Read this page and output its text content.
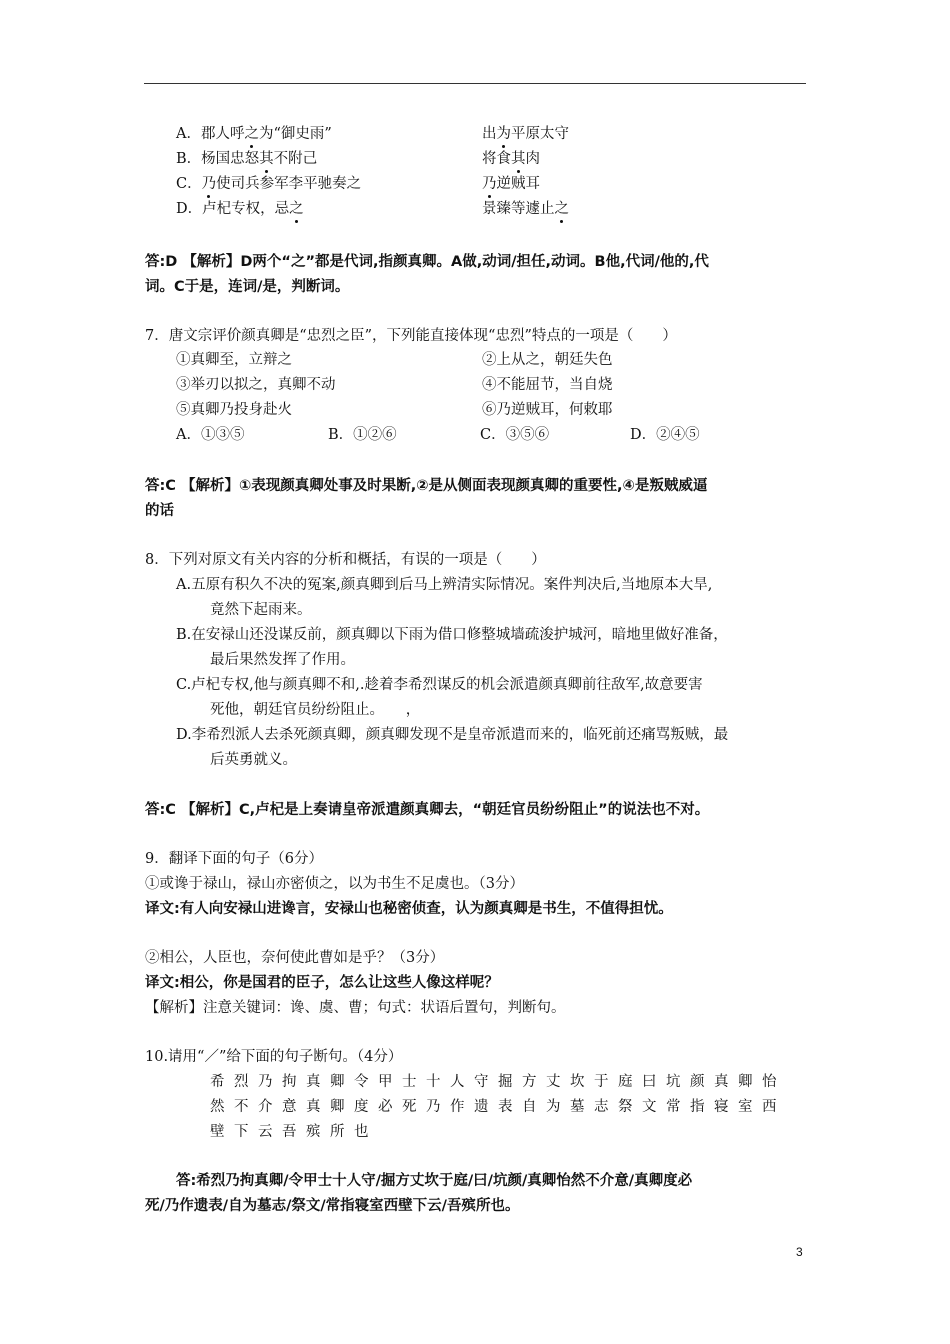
A．郡人呼之为“御史雨”	出为平原太守
B．杨国忠怒其不附己	将食其肉
C．乃使司兵参军李平驰奏之	乃逆贼耳
D．卢杞专权，忌之	景臻等遽止之
答:D 【解析】D两个“之”都是代词,指颜真卿。A做,动词/担任,动词。B他,代词/他的,代
词。C于是，连词/是，判断词。
7．唐文宗评价颜真卿是“忠烈之臣”，下列能直接体现“忠烈”特点的一项是（　　）
①真卿至，立辩之	②上从之，朝廷失色
③举刃以拟之，真卿不动	④不能屈节，当自烧
⑤真卿乃投身赴火	⑥乃逆贼耳，何敕耶
A．①③⑤	B．①②⑥	C．③⑤⑥	D．②④⑤
答:C 【解析】①表现颜真卿处事及时果断,②是从侧面表现颜真卿的重要性,④是叛贼威逼
的话
8．下列对原文有关内容的分析和概括，有误的一项是（　　）
A.五原有积久不决的冤案,颜真卿到后马上辨清实际情况。案件判决后,当地原本大旱,
竟然下起雨来。
B.在安禄山还没谋反前，颜真卿以下雨为借口修整城墙疏浚护城河，暗地里做好准备，
最后果然发挥了作用。
C.卢杞专权,他与颜真卿不和,.趁着李希烈谋反的机会派遣颜真卿前往敌军,故意要害
死他，朝廷官员纷纷阻止。　　，
D.李希烈派人去杀死颜真卿，颜真卿发现不是皇帝派遣而来的，临死前还痛骂叛贼，最
后英勇就义。
答:C 【解析】C,卢杞是上奏请皇帝派遣颜真卿去，“朝廷官员纷纷阻止”的说法也不对。
9．翻译下面的句子（6分）
①或谗于禄山，禄山亦密侦之，以为书生不足虞也。（3分）
译文:有人向安禄山进谗言，安禄山也秘密侦查，认为颜真卿是书生，不值得担忧。
②相公，人臣也，奈何使此曹如是乎？（3分）
译文:相公，你是国君的臣子，怎么让这些人像这样呢？
【解析】注意关键词：谗、虞、曹；句式：状语后置句，判断句。
10.请用“／”给下面的句子断句。（4分）
希烈乃拘真卿令甲士十人守掘方丈坎于庭曰坑颜真卿怡
然不介意真卿度必死乃作遗表自为墓志祭文常指寝室西
壁下云吾殡所也
答:希烈乃拘真卿/令甲士十人守/掘方丈坎于庭/曰/坑颜/真卿怡然不介意/真卿度必
死/乃作遗表/自为墓志/祭文/常指寝室西壁下云/吾殡所也。
3
